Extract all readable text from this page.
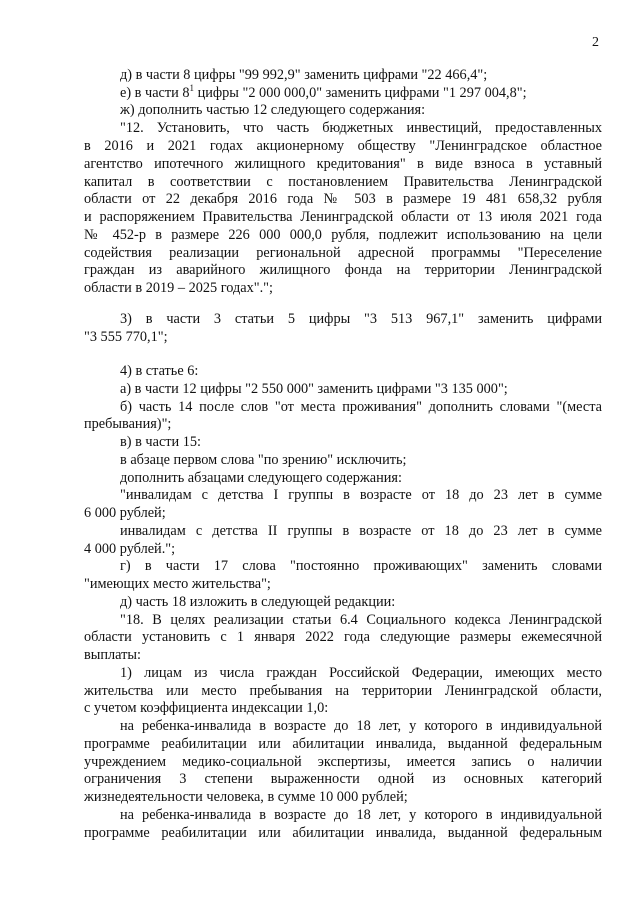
2
д) в части 8 цифры "99 992,9" заменить цифрами "22 466,4";
е) в части $8^1$ цифры "2 000 000,0" заменить цифрами "1 297 004,8";
ж) дополнить частью 12 следующего содержания:
"12. Установить, что часть бюджетных инвестиций, предоставленных
в 2016 и 2021 годах акционерному обществу "Ленинградское областное
агентство ипотечного жилищного кредитования" в виде взноса в уставный
капитал в соответствии с постановлением Правительства Ленинградской
области от 22 декабря 2016 года № 503 в размере 19 481 658,32 рубля
и распоряжением Правительства Ленинградской области от 13 июля 2021 года
№ 452-р в размере 226 000 000,0 рубля, подлежит использованию на цели
содействия реализации региональной адресной программы "Переселение
граждан из аварийного жилищного фонда на территории Ленинградской
области в 2019 – 2025 годах".";
3) в части 3 статьи 5 цифры "3 513 967,1" заменить цифрами
"3 555 770,1";
4) в статье 6:
а) в части 12 цифры "2 550 000" заменить цифрами "3 135 000";
б) часть 14 после слов "от места проживания" дополнить словами "(места
пребывания)";
в) в части 15:
в абзаце первом слова "по зрению" исключить;
дополнить абзацами следующего содержания:
"инвалидам с детства I группы в возрасте от 18 до 23 лет в сумме
6 000 рублей;
инвалидам с детства II группы в возрасте от 18 до 23 лет в сумме
4 000 рублей.";
г) в части 17 слова "постоянно проживающих" заменить словами
"имеющих место жительства";
д) часть 18 изложить в следующей редакции:
"18. В целях реализации статьи 6.4 Социального кодекса Ленинградской
области установить с 1 января 2022 года следующие размеры ежемесячной
выплаты:
1) лицам из числа граждан Российской Федерации, имеющих место
жительства или место пребывания на территории Ленинградской области,
с учетом коэффициента индексации 1,0:
на ребенка-инвалида в возрасте до 18 лет, у которого в индивидуальной
программе реабилитации или абилитации инвалида, выданной федеральным
учреждением медико-социальной экспертизы, имеется запись о наличии
ограничения 3 степени выраженности одной из основных категорий
жизнедеятельности человека, в сумме 10 000 рублей;
на ребенка-инвалида в возрасте до 18 лет, у которого в индивидуальной
программе реабилитации или абилитации инвалида, выданной федеральным
